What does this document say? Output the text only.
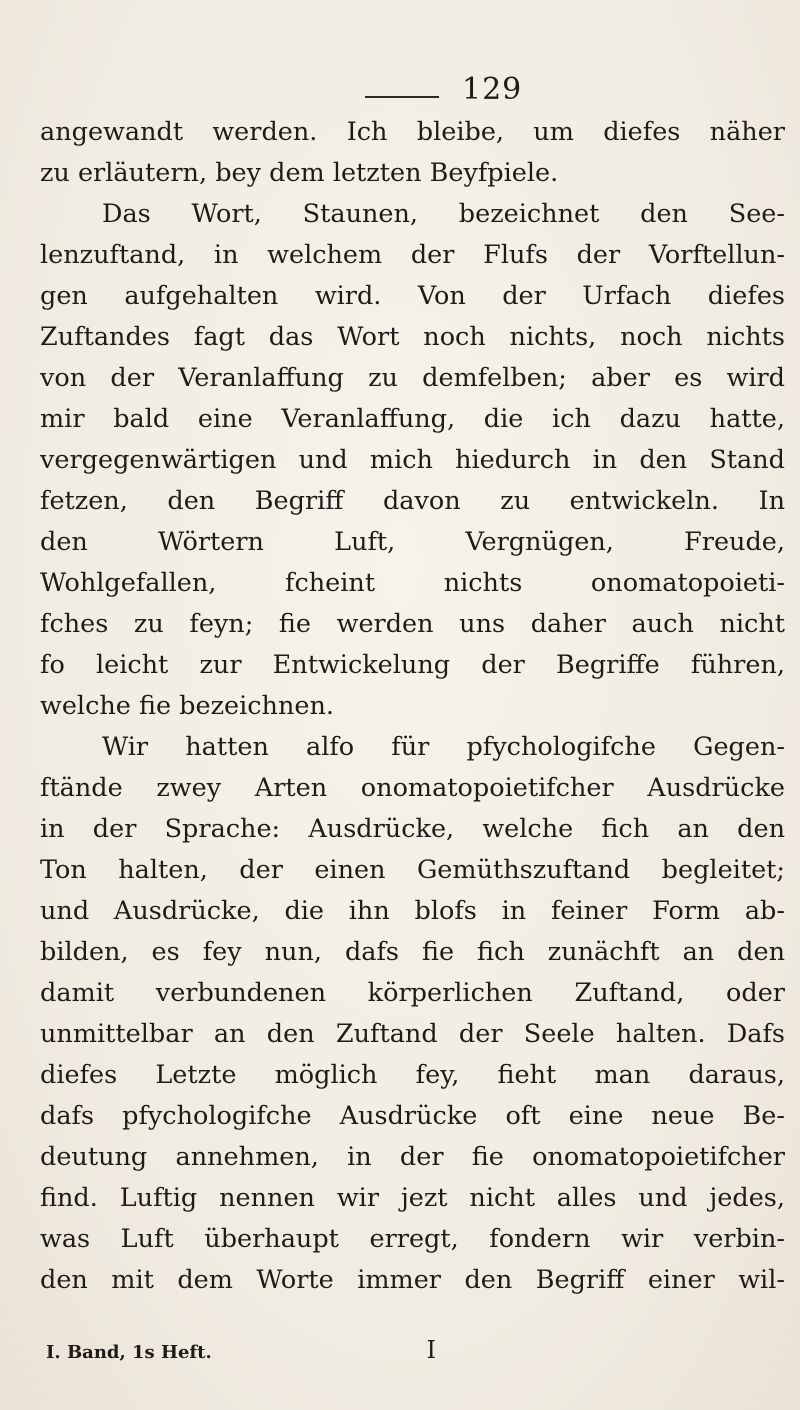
129
angewandt werden. Ich bleibe, um diefes näher
zu erläutern, bey dem letzten Beyfpiele.
Das Wort, Staunen, bezeichnet den See-
lenzuftand, in welchem der Flufs der Vorftellun-
gen aufgehalten wird. Von der Urfach diefes
Zuftandes fagt das Wort noch nichts, noch nichts
von der Veranlaffung zu demfelben; aber es wird
mir bald eine Veranlaffung, die ich dazu hatte,
vergegenwärtigen und mich hiedurch in den Stand
fetzen, den Begriff davon zu entwickeln. In
den Wörtern Luft, Vergnügen, Freude,
Wohlgefallen, fcheint nichts onomatopoieti-
fches zu feyn; fie werden uns daher auch nicht
fo leicht zur Entwickelung der Begriffe führen,
welche fie bezeichnen.
Wir hatten alfo für pfychologifche Gegen-
ftände zwey Arten onomatopoietifcher Ausdrücke
in der Sprache: Ausdrücke, welche fich an den
Ton halten, der einen Gemüthszuftand begleitet;
und Ausdrücke, die ihn blofs in feiner Form ab-
bilden, es fey nun, dafs fie fich zunächft an den
damit verbundenen körperlichen Zuftand, oder
unmittelbar an den Zuftand der Seele halten. Dafs
diefes Letzte möglich fey, fieht man daraus,
dafs pfychologifche Ausdrücke oft eine neue Be-
deutung annehmen, in der fie onomatopoietifcher
find. Luftig nennen wir jezt nicht alles und jedes,
was Luft überhaupt erregt, fondern wir verbin-
den mit dem Worte immer den Begriff einer wil-
I. Band, 1s Heft.	I
